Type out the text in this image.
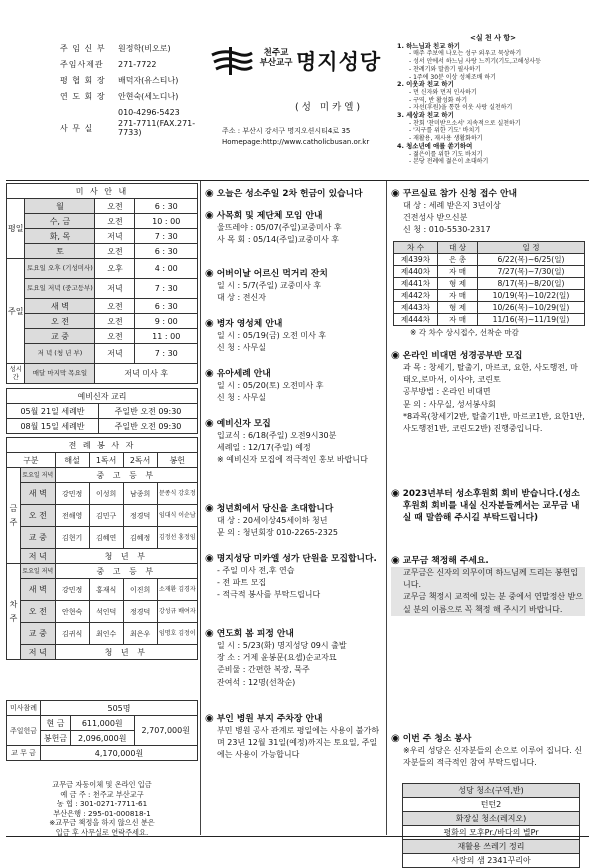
주 임 신 부	원정학(비오로)
주임사제관	271-7722
평 협 회 장	배덕자(유스티나)
연 도 회 장	안현숙(세노디나)
010-4296-5423
사 무 실	271-7711(FAX.271-7733)
천주교
부산교구 명지성당
(성 미카엘)
주소 : 부산시 강서구 명지오션시티4로 35
Homepage:http://www.catholicbusan.or.kr
<실 천 사 항>
1. 하느님과 친교 하기
- 매주 주보에 나오는 성구 외우고 묵상하기
- 성서 안에서 하느님 사랑 느끼기(기도,고해성사등
- 찬례기와 말씀기 필사하기
- 1주에 30분 이상 성체조배 하기
2. 이웃과 친교 하기
- 먼 신자와 먼저 인사하기
- 구역, 반 활성화 하기
- 자선(후원)을 통한 이웃 사랑 실천하기
3. 세상과 친교 하기
- 찬회 '찬미받으소서' 지속적으로 실천하기
- '지구를 위한 기도' 바치기
- 재활용, 재사용 생활화하기
4. 청소년에 애를 쏟기하여
- 젊은이를 위한 기도 바치기
- 본당 전례에 젊은이 초대하기
미 사 안 내			
평일	월	오전	6 : 30
	수, 금	오전	10 : 00
	화, 목	저녁	7 : 30
	토	오전	6 : 30
주일	토요일 오후 (기성미사)	오후	4 : 00
	토요일 저녁 (중고등부)	저녁	7 : 30
	새 벽	오전	6 : 30
	오 전	오전	9 : 00
	교 중	오전	11 : 00
	저 녁 (청 년 부)	저녁	7 : 30
성시간	매달 마지막 목요일	저녁 미사 후	
예비신자 교리	
05월 21일 세례반	주일반 오전 09:30
08월 15일 세례반	주일반 오전 09:30
전 례 봉 사 자					
구분		해설	1독서	2독서	봉헌
금 주	토요일 저녁	중 고 등 부			
	새 벽	강민정	이성희	남종희	문종식 강호정
	오 전	전해영	김민구	정경덕	임대식 이순남
	교 중	김현기	김혜연	김혜정	김정선 홍정임
	저 녁	청 년 부			
차 주	토요일 저녁	중 고 등 부			
	새 벽	강민정	홍재식	이진희	소재환 김경자
	오 전	안현숙	석인덕	정경덕	강성규 배여자
	교 중	김귀식	최인수	최은우	임명호 김정이
	저 녁	청 년 부			
미사참례	505명		
주일헌금	현 금	611,000원	2,707,000원
	봉헌금	2,096,000원	
교 무 금	4,170,000원		
교무금 자동이체 및 온라인 입금
예 금 주 : 천주교 부산교구
농 협 : 301-0271-7711-61
부산은행 : 295-01-000818-1
※교무금 책정을 하지 않으신 분은
입금 후 사무실로 연락주세요.
◉ 오늘은 성소주일 2차 헌금이 있습니다
◉ 사목회 및 제단체 모임 안내
울뜨레야 : 05/07(주일)교중미사 후
사 목 회 : 05/14(주일)교중미사 후
◉ 어버이날 어르신 먹거리 잔치
일 시 : 5/7(주일) 교중미사 후
대 상 : 전신자
◉ 병자 영성체 안내
일 시 : 05/19(금) 오전 미사 후
신 청 : 사무실
◉ 유아세례 안내
일 시 : 05/20(토) 오전미사 후
신 청 : 사무실
◉ 예비신자 모집
입교식 : 6/18(주일) 오전9시30분
세례일 : 12/17(주일) 예정
※ 예비신자 모집에 적극적인 홍보 바랍니다
◉ 청년회에서 당신을 초대합니다
대 상 : 20세이상45세이하 청년
문 의 : 청년회장 010-2265-2325
◉ 명지성당 미카엘 성가 단원을 모집합니다.
- 주일 미사 전,후 연습
- 전 파트 모집
- 적극적 봉사를 부탁드립니다
◉ 연도회 봄 피정 안내
일 시 : 5/23(화) 명지성당 09시 출발
장 소 : 거제 윤봉문(요셉)순교자묘
준비물 : 간편한 복장, 묵주
잔여석 : 12명(선착순)
◉ 부인 병원 부지 주차장 안내
부민 병원 공사 관계로 평일에는 사용이 불가하며 23년 12월 31일(예정)까지는 토요일, 주일에는 사용이 가능합니다
◉ 꾸르실료 참가 신청 접수 안내
대 상 : 세례 받은지 3년이상
건전성사 받으신분
신 청 : 010-5530-2317
차 수	대 상	일 정
제439차	은 총	6/22(목)~6/25(일)
제440차	자 매	7/27(목)~7/30(일)
제441차	형 제	8/17(목)~8/20(일)
제442차	자 매	10/19(목)~10/22(일)
제443차	형 제	10/26(목)~10/29(일)
제444차	자 매	11/16(목)~11/19(일)
※ 각 차수 상시접수, 선착순 마감
◉ 온라인 비대면 성경공부반 모집
과 목 : 창세기, 탈출기, 마르코, 요한, 사도행전, 마태오,로마서, 이사야, 코린토
공부방법 : 온라인 비대면
문 의 : 사무실, 성서봉사회
*8과목(창세기2반, 탈출기1반, 마르코1반, 요한1반, 사도행전1반, 코린도2반) 진행중입니다.
◉ 2023년부터 성소후원회 회비 받습니다.(성소후원회 회비를 내실 신자분들께서는 교무금 내실 때 말씀해 주시길 부탁드립니다)
◉ 교무금 책정해 주세요.
교무금은 신자의 의무이며 하느님께 드리는 봉헌입니다.
교무금 책정시 교적에 있는 분 중에서 연말정산 받으실 분의 이름으로 꼭 책정 해 주시기 바랍니다.
◉ 이번 주 청소 봉사
※우리 성당은 신자분들의 손으로 이루어 집니다. 신자분들의 적극적인 참여 부탁드립니다.
성당 청소(구역,반)
턴턴2
화장실 청소(레지오)
평화의 모후Pr./바다의 별Pr
재활용 쓰레기 정리
사랑의 샘 2341꾸리아
